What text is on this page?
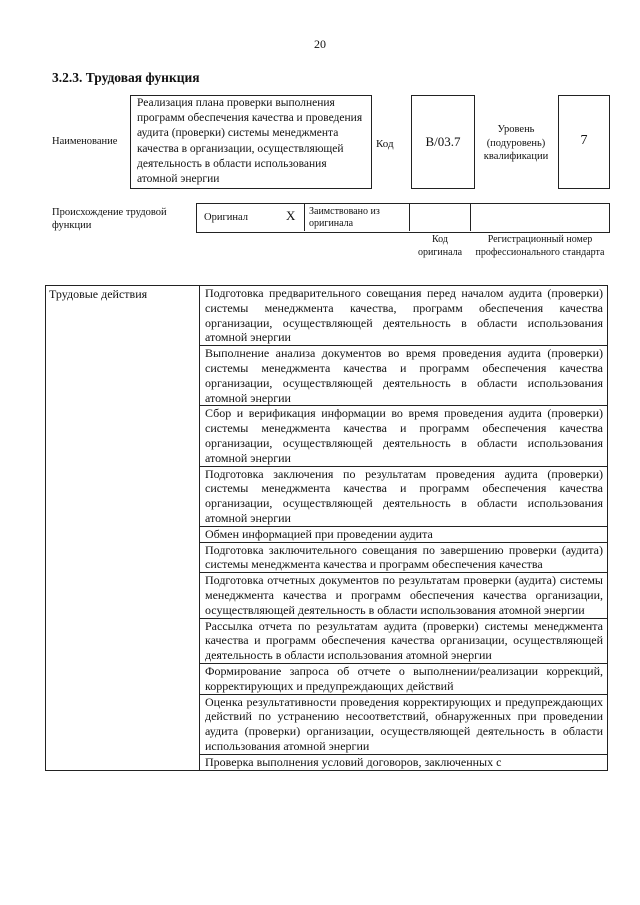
20
3.2.3. Трудовая функция
Наименование
Реализация плана проверки выполнения программ обеспечения качества и проведения аудита (проверки) системы менеджмента качества в организации, осуществляющей деятельность в области использования атомной энергии
Код	B/03.7
Уровень (подуровень) квалификации
7
Происхождение трудовой функции
Оригинал	X Заимствовано из оригинала
Код оригинала
Регистрационный номер профессионального стандарта
Трудовые действия	Подготовка предварительного совещания перед началом аудита (проверки) системы менеджмента качества, программ обеспечения качества организации, осуществляющей деятельность в области использования атомной энергии
Выполнение анализа документов во время проведения аудита (проверки) системы менеджмента качества и программ обеспечения качества организации, осуществляющей деятельность в области использования атомной энергии
Сбор и верификация информации во время проведения аудита (проверки) системы менеджмента качества и программ обеспечения качества организации, осуществляющей деятельность в области использования атомной энергии
Подготовка заключения по результатам проведения аудита (проверки) системы менеджмента качества и программ обеспечения качества организации, осуществляющей деятельность в области использования атомной энергии
Обмен информацией при проведении аудита
Подготовка заключительного совещания по завершению проверки (аудита) системы менеджмента качества и программ обеспечения качества
Подготовка отчетных документов по результатам проверки (аудита) системы менеджмента качества и программ обеспечения качества организации, осуществляющей деятельность в области использования атомной энергии
Рассылка отчета по результатам аудита (проверки) системы менеджмента качества и программ обеспечения качества организации, осуществляющей деятельность в области использования атомной энергии
Формирование запроса об отчете о выполнении/реализации коррекций, корректирующих и предупреждающих действий
Оценка результативности проведения корректирующих и предупреждающих действий по устранению несоответствий, обнаруженных при проведении аудита (проверки) организации, осуществляющей деятельность в области использования атомной энергии
Проверка выполнения условий договоров, заключенных с
